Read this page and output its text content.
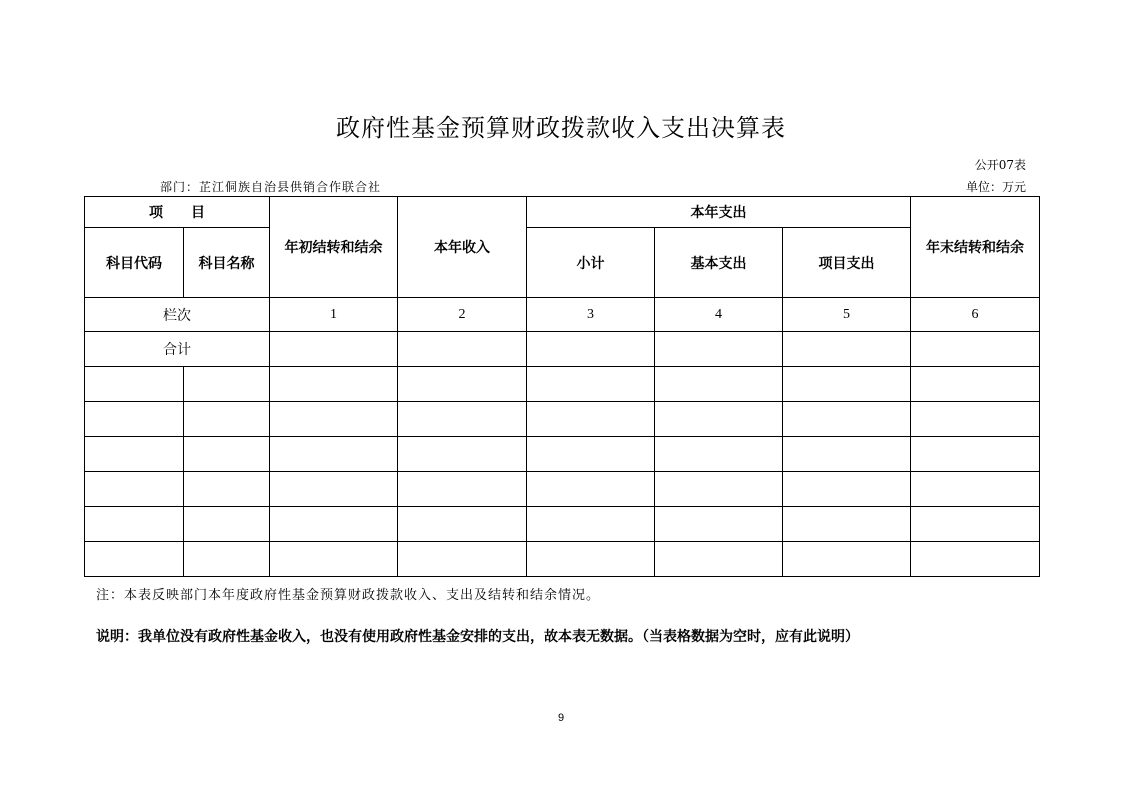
政府性基金预算财政拨款收入支出决算表
公开07表
部门：芷江侗族自治县供销合作联合社	单位：万元
项　　目		年初结转和结余	本年收入	本年支出			年末结转和结余
科目代码	科目名称			小计	基本支出	项目支出	
栏次		1	2	3	4	5	6
合计							

注：本表反映部门本年度政府性基金预算财政拨款收入、支出及结转和结余情况。
说明：我单位没有政府性基金收入，也没有使用政府性基金安排的支出，故本表无数据。（当表格数据为空时，应有此说明）
9
